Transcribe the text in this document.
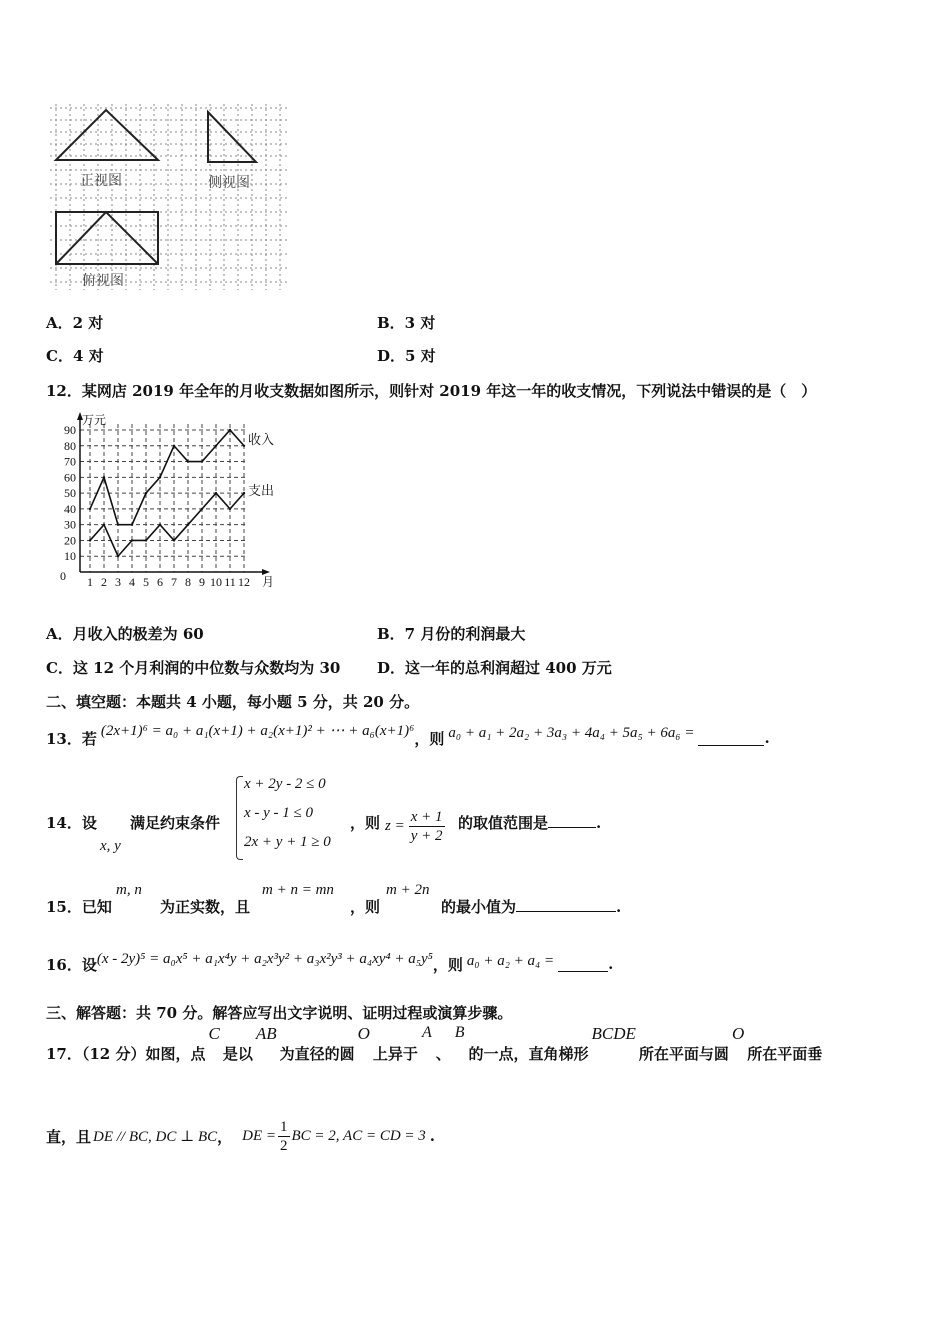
正视图	侧视图
俯视图
A．2 对	B．3 对
C．4 对	D．5 对
12．某网店 2019 年全年的月收支数据如图所示，则针对 2019 年这一年的收支情况，下列说法中错误的是（　）
10
20
30
40
50
60
70
80
90
0 1 2 3 4 5 6 7 8 9 10 11 12
万元
月
收入
支出
A．月收入的极差为 60	B．7 月份的利润最大
C．这 12 个月利润的中位数与众数均为 30 D．这一年的总利润超过 400 万元
二、填空题：本题共 4 小题，每小题 5 分，共 20 分。
13．若 (2x+1)⁶ = a₀ + a₁(x+1) + a₂(x+1)² + ⋯ + a₆(x+1)⁶ ，则 a₀ + a₁ + 2a₂ + 3a₃ + 4a₄ + 5a₅ + 6a₆ =	.
14．设
x, y
满足约束条件
x + 2y - 2 ≤ 0
x - y - 1 ≤ 0
2x + y + 1 ≥ 0
，则 $z = \frac{x + 1}{y + 2}$ 的取值范围是	.
15．已知
m, n
为正实数，且
m + n = mn
，则
m + 2n
的最小值为	.
16．设 (x - 2y)⁵ = a₀x⁵ + a₁x⁴y + a₂x³y² + a₃x²y³ + a₄xy⁴ + a₅y⁵ ，则 a₀ + a₂ + a₄ =	.
三、解答题：共 70 分。解答应写出文字说明、证明过程或演算步骤。
17．（12 分）如图，点
C
是以
AB
为直径的圆
O
上异于
A
、
B
的一点，直角梯形
BCDE
所在平面与圆
O
所在平面垂
直，且 DE // BC, DC ⊥ BC ， DE = $\frac{1}{2}$ BC = 2, AC = CD = 3 .
